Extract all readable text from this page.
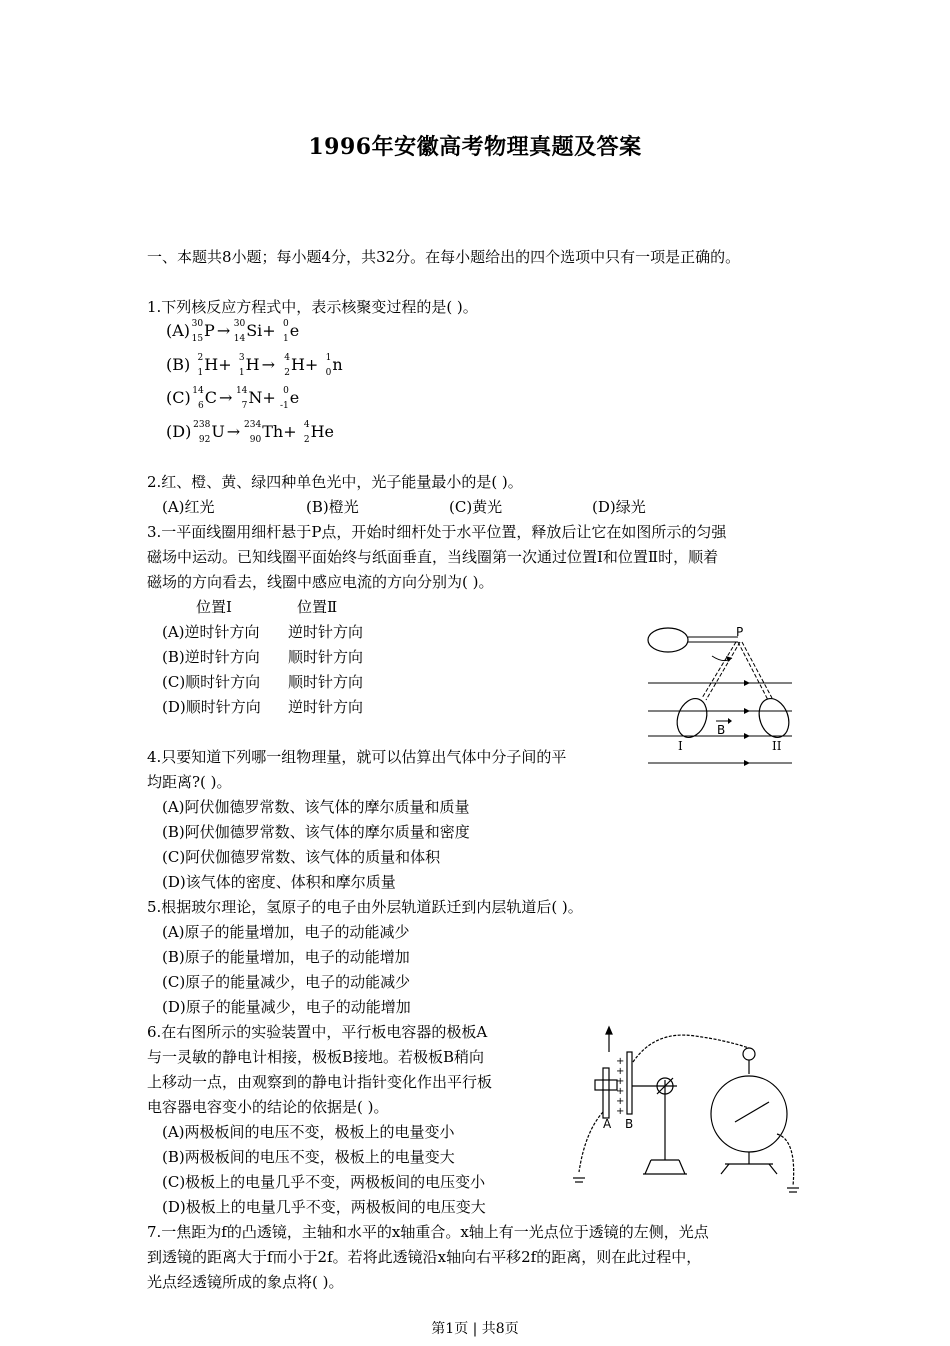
1996年安徽高考物理真题及答案
一、本题共8小题；每小题4分，共32分。在每小题给出的四个选项中只有一项是正确的。
1.下列核反应方程式中，表示核聚变过程的是( )。
(A) 30
15 P → 30
14 Si+ 0
1 e
(B) 2
1 H+ 3
1 H → 4
2 H+ 1
0 n
(C) 14
6 C → 14
7 N+ 0
-1 e
(D) 238
92 U → 234
90 Th+ 4
2 He
2.红、橙、黄、绿四种单色光中，光子能量最小的是( )。
(A)红光	(B)橙光	(C)黄光	(D)绿光
3.一平面线圈用细杆悬于P点，开始时细杆处于水平位置，释放后让它在如图所示的匀强
磁场中运动。已知线圈平面始终与纸面垂直，当线圈第一次通过位置Ⅰ和位置Ⅱ时，顺着
磁场的方向看去，线圈中感应电流的方向分别为( )。
位置Ⅰ	位置Ⅱ
(A)逆时针方向 逆时针方向
(B)逆时针方向 顺时针方向
(C)顺时针方向 顺时针方向
(D)顺时针方向 逆时针方向
P
B
I	II
4.只要知道下列哪一组物理量，就可以估算出气体中分子间的平
均距离?( )。
(A)阿伏伽德罗常数、该气体的摩尔质量和质量
(B)阿伏伽德罗常数、该气体的摩尔质量和密度
(C)阿伏伽德罗常数、该气体的质量和体积
(D)该气体的密度、体积和摩尔质量
5.根据玻尔理论，氢原子的电子由外层轨道跃迁到内层轨道后( )。
(A)原子的能量增加，电子的动能减少
(B)原子的能量增加，电子的动能增加
(C)原子的能量减少，电子的动能减少
(D)原子的能量减少，电子的动能增加
6.在右图所示的实验装置中，平行板电容器的极板A
与一灵敏的静电计相接，极板B接地。若极板B稍向
上移动一点，由观察到的静电计指针变化作出平行板
电容器电容变小的结论的依据是( )。
(A)两极板间的电压不变，极板上的电量变小
(B)两极板间的电压不变，极板上的电量变大
(C)极板上的电量几乎不变，两极板间的电压变小
(D)极板上的电量几乎不变，两极板间的电压变大
+
+
+
+
+
+
A B
7.一焦距为f的凸透镜，主轴和水平的x轴重合。x轴上有一光点位于透镜的左侧，光点
到透镜的距离大于f而小于2f。若将此透镜沿x轴向右平移2f的距离，则在此过程中，
光点经透镜所成的象点将( )。
第1页 | 共8页
